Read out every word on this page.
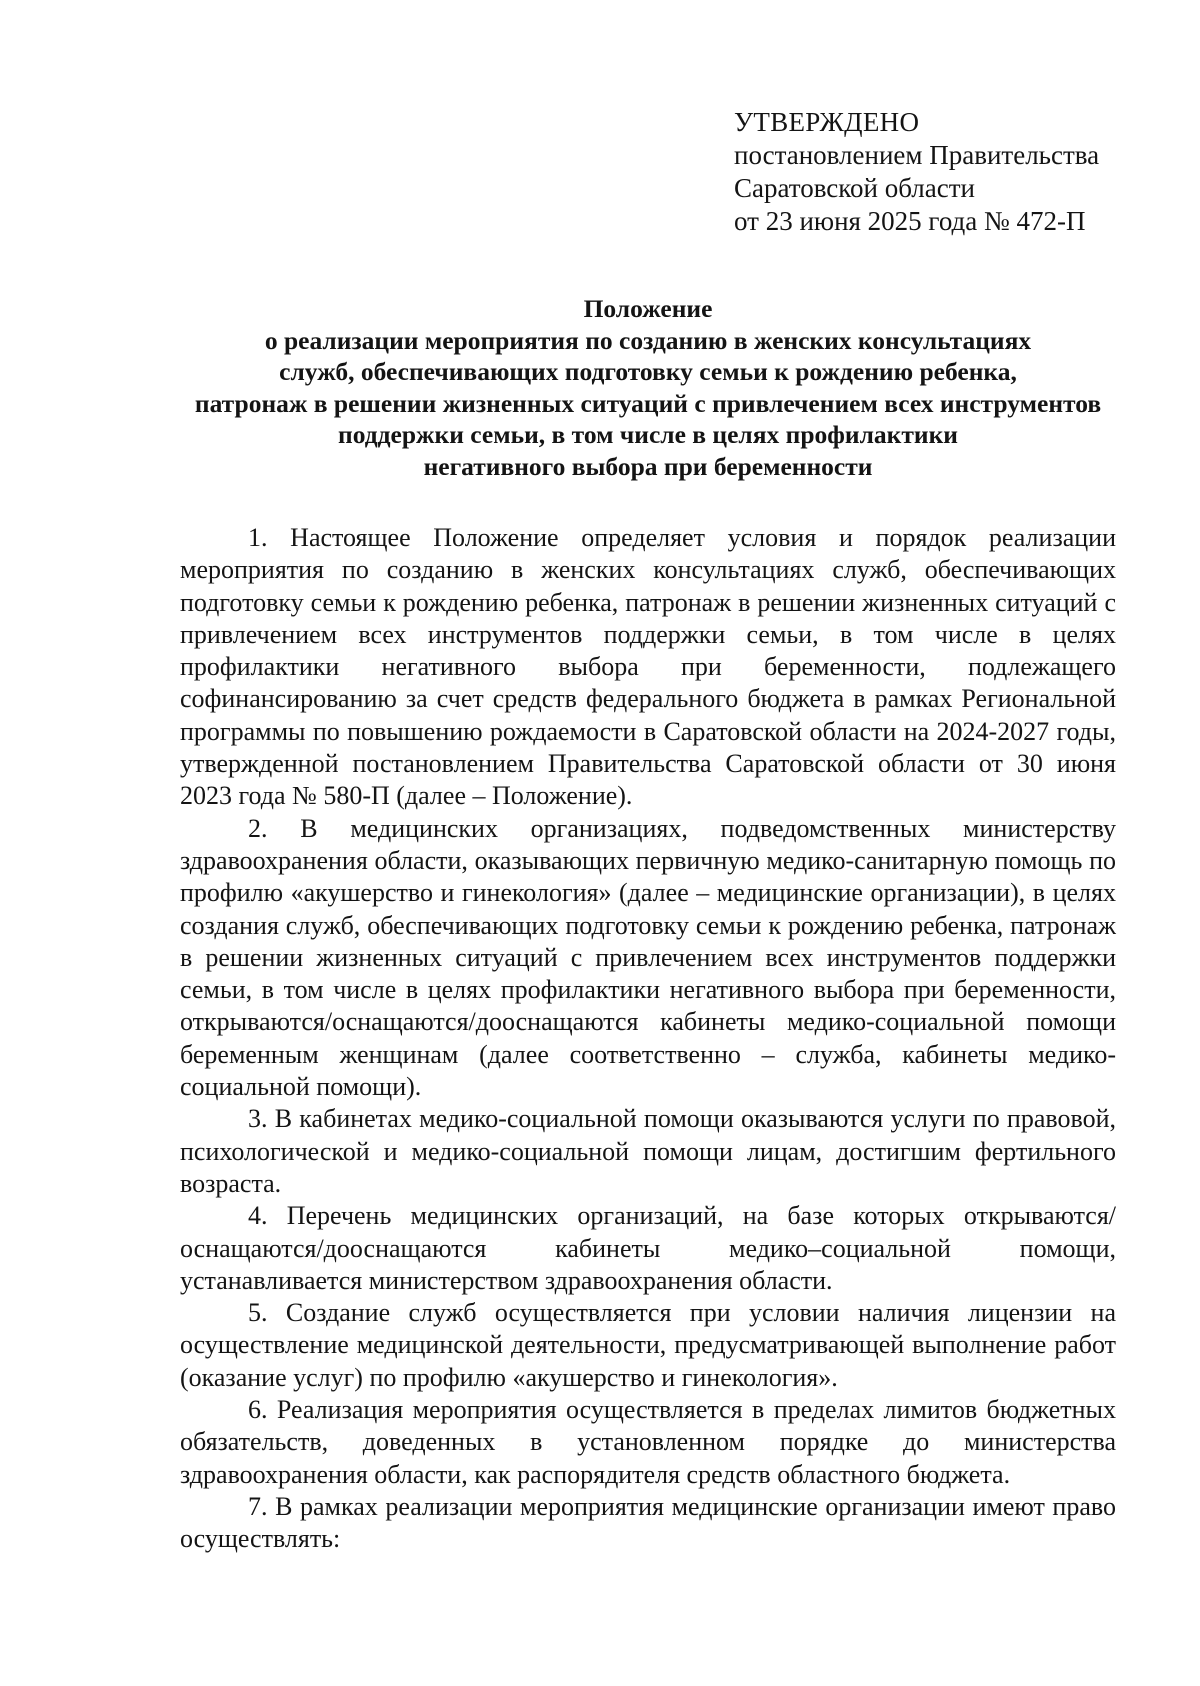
УТВЕРЖДЕНО
постановлением Правительства
Саратовской области
от 23 июня 2025 года № 472-П
Положение
о реализации мероприятия по созданию в женских консультациях
служб, обеспечивающих подготовку семьи к рождению ребенка,
патронаж в решении жизненных ситуаций с привлечением всех инструментов
поддержки семьи, в том числе в целях профилактики
негативного выбора при беременности

1. Настоящее Положение определяет условия и порядок реализации мероприятия по созданию в женских консультациях служб, обеспечивающих подготовку семьи к рождению ребенка, патронаж в решении жизненных ситуаций с привлечением всех инструментов поддержки семьи, в том числе в целях профилактики негативного выбора при беременности, подлежащего софинансированию за счет средств федерального бюджета в рамках Региональной программы по повышению рождаемости в Саратовской области на 2024-2027 годы, утвержденной постановлением Правительства Саратовской области от 30 июня 2023 года № 580-П (далее – Положение).

2. В медицинских организациях, подведомственных министерству здравоохранения области, оказывающих первичную медико-санитарную помощь по профилю «акушерство и гинекология» (далее – медицинские организации), в целях создания служб, обеспечивающих подготовку семьи к рождению ребенка, патронаж в решении жизненных ситуаций с привлечением всех инструментов поддержки семьи, в том числе в целях профилактики негативного выбора при беременности, открываются/оснащаются/дооснащаются кабинеты медико-социальной помощи беременным женщинам (далее соответственно – служба, кабинеты медико-социальной помощи).

3. В кабинетах медико-социальной помощи оказываются услуги по правовой, психологической и медико-социальной помощи лицам, достигшим фертильного возраста.

4. Перечень медицинских организаций, на базе которых открываются/ оснащаются/дооснащаются кабинеты медико–социальной помощи, устанавливается министерством здравоохранения области.

5. Создание служб осуществляется при условии наличия лицензии на осуществление медицинской деятельности, предусматривающей выполнение работ (оказание услуг) по профилю «акушерство и гинекология».

6. Реализация мероприятия осуществляется в пределах лимитов бюджетных обязательств, доведенных в установленном порядке до министерства здравоохранения области, как распорядителя средств областного бюджета.

7. В рамках реализации мероприятия медицинские организации имеют право осуществлять:
